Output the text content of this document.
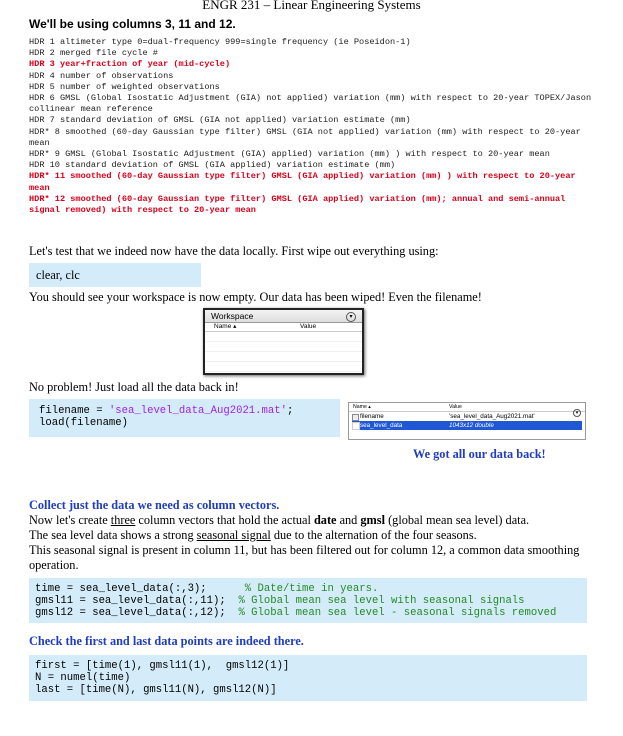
ENGR 231 – Linear Engineering Systems
We'll be using columns 3, 11 and 12.
HDR 1 altimeter type 0=dual-frequency 999=single frequency (ie Poseidon-1)
HDR 2 merged file cycle #
HDR 3 year+fraction of year (mid-cycle)
HDR 4 number of observations
HDR 5 number of weighted observations
HDR 6 GMSL (Global Isostatic Adjustment (GIA) not applied) variation (mm) with respect to 20-year TOPEX/Jason collinear mean reference
HDR 7 standard deviation of GMSL (GIA not applied) variation estimate (mm)
HDR* 8 smoothed (60-day Gaussian type filter) GMSL (GIA not applied) variation (mm) with respect to 20-year mean
HDR* 9 GMSL (Global Isostatic Adjustment (GIA) applied) variation (mm) ) with respect to 20-year mean
HDR 10 standard deviation of GMSL (GIA applied) variation estimate (mm)
HDR* 11 smoothed (60-day Gaussian type filter) GMSL (GIA applied) variation (mm) ) with respect to 20-year mean
HDR* 12 smoothed (60-day Gaussian type filter) GMSL (GIA applied) variation (mm); annual and semi-annual signal removed) with respect to 20-year mean
Let's test that we indeed now have the data locally. First wipe out everything using:
clear, clc
You should see your workspace is now empty. Our data has been wiped! Even the filename!
Workspace	▾
Name ▴	Value
No problem! Just load all the data back in!
filename = 'sea_level_data_Aug2021.mat';
load(filename)
Name ▴	Value
▾
filename	'sea_level_data_Aug2021.mat'
sea_level_data	1043x12 double
We got all our data back!
Collect just the data we need as column vectors.
Now let's create three column vectors that hold the actual date and gmsl (global mean sea level) data.
The sea level data shows a strong seasonal signal due to the alternation of the four seasons.
This seasonal signal is present in column 11, but has been filtered out for column 12, a common data smoothing operation.
time = sea_level_data(:,3);      % Date/time in years.
gmsl11 = sea_level_data(:,11);  % Global mean sea level with seasonal signals
gmsl12 = sea_level_data(:,12);  % Global mean sea level - seasonal signals removed
Check the first and last data points are indeed there.
first = [time(1), gmsl11(1),  gmsl12(1)]
N = numel(time)
last = [time(N), gmsl11(N), gmsl12(N)]
